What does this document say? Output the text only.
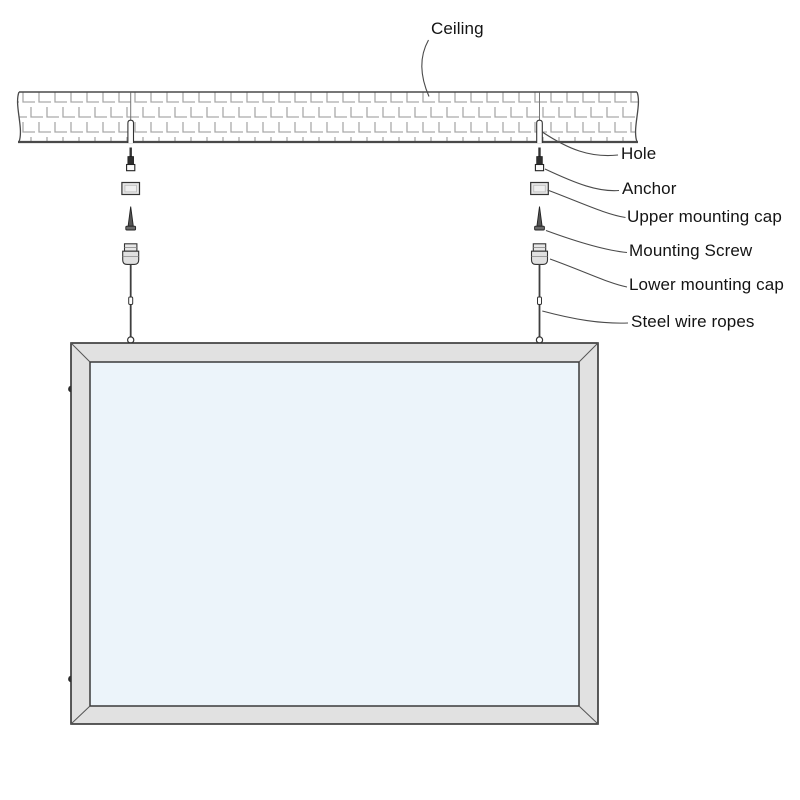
Ceiling
Hole
Anchor
Upper mounting cap
Mounting Screw
Lower mounting cap
Steel wire ropes
